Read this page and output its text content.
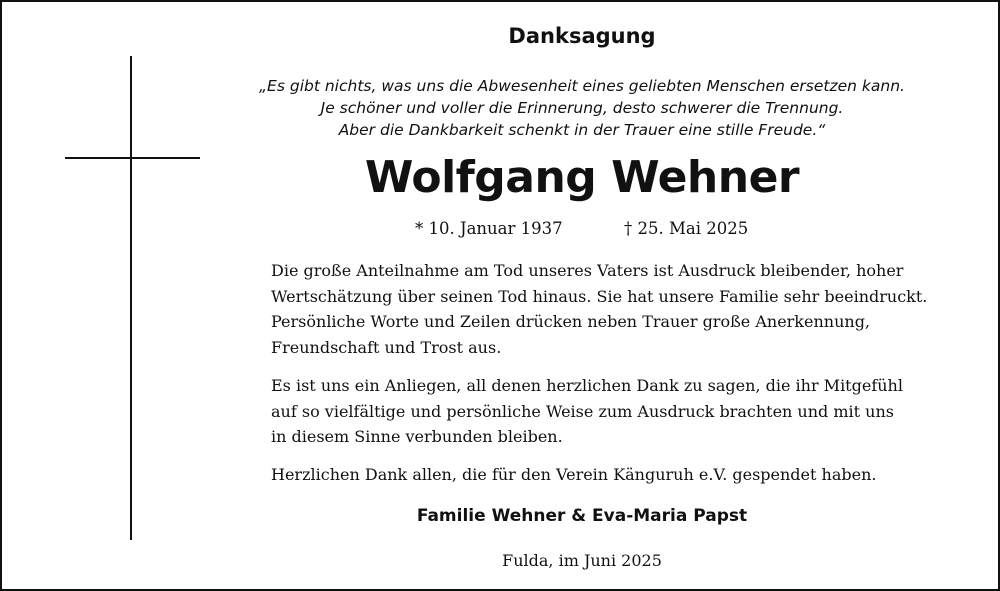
Danksagung
„Es gibt nichts, was uns die Abwesenheit eines geliebten Menschen ersetzen kann.
Je schöner und voller die Erinnerung, desto schwerer die Trennung.
Aber die Dankbarkeit schenkt in der Trauer eine stille Freude.“
Wolfgang Wehner
* 10. Januar 1937	† 25. Mai 2025
Die große Anteilnahme am Tod unseres Vaters ist Ausdruck bleibender, hoher
Wertschätzung über seinen Tod hinaus. Sie hat unsere Familie sehr beeindruckt.
Persönliche Worte und Zeilen drücken neben Trauer große Anerkennung,
Freundschaft und Trost aus.
Es ist uns ein Anliegen, all denen herzlichen Dank zu sagen, die ihr Mitgefühl
auf so vielfältige und persönliche Weise zum Ausdruck brachten und mit uns
in diesem Sinne verbunden bleiben.
Herzlichen Dank allen, die für den Verein Känguruh e.V. gespendet haben.
Familie Wehner & Eva-Maria Papst
Fulda, im Juni 2025
